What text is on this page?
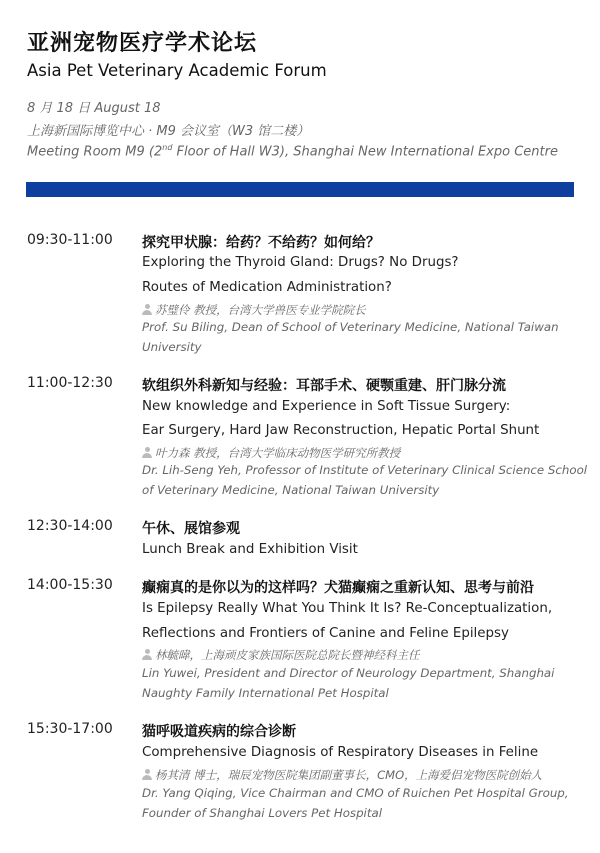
亚洲宠物医疗学术论坛
Asia Pet Veterinary Academic Forum
8 月 18 日 August 18
上海新国际博览中心 · M9 会议室（W3 馆二楼）
Meeting Room M9 (2nd Floor of Hall W3), Shanghai New International Expo Centre
09:30-11:00 探究甲状腺：给药？不给药？如何给？
Exploring the Thyroid Gland: Drugs? No Drugs?
Routes of Medication Administration?
苏璧伶 教授，台湾大学兽医专业学院院长
Prof. Su Biling, Dean of School of Veterinary Medicine, National Taiwan
University
11:00-12:30 软组织外科新知与经验：耳部手术、硬颚重建、肝门脉分流
New knowledge and Experience in Soft Tissue Surgery:
Ear Surgery, Hard Jaw Reconstruction, Hepatic Portal Shunt
叶力森 教授，台湾大学临床动物医学研究所教授
Dr. Lih-Seng Yeh, Professor of Institute of Veterinary Clinical Science School
of Veterinary Medicine, National Taiwan University
12:30-14:00 午休、展馆参观
Lunch Break and Exhibition Visit
14:00-15:30 癫痫真的是你以为的这样吗？犬猫癫痫之重新认知、思考与前沿
Is Epilepsy Really What You Think It Is? Re-Conceptualization,
Reflections and Frontiers of Canine and Feline Epilepsy
林毓暐，上海顽皮家族国际医院总院长暨神经科主任
Lin Yuwei, President and Director of Neurology Department, Shanghai
Naughty Family International Pet Hospital
15:30-17:00 猫呼吸道疾病的综合诊断
Comprehensive Diagnosis of Respiratory Diseases in Feline
杨其清 博士，瑞辰宠物医院集团副董事长，CMO，上海爱侣宠物医院创始人
Dr. Yang Qiqing, Vice Chairman and CMO of Ruichen Pet Hospital Group,
Founder of Shanghai Lovers Pet Hospital
